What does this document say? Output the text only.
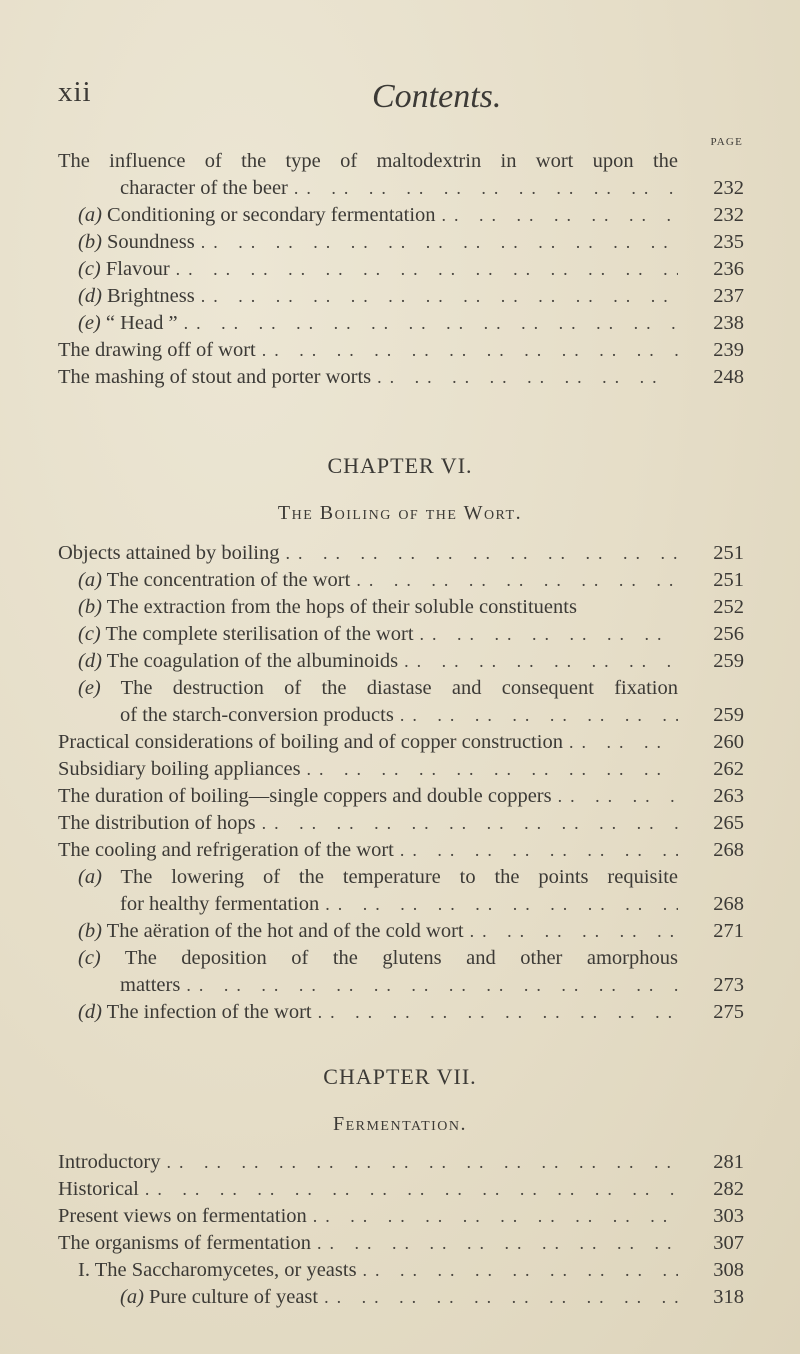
xii	Contents.
PAGE
The influence of the type of maltodextrin in wort upon the
character of the beer .. ..	232
(a) Conditioning or secondary fermentation .. ..	232
(b) Soundness .. ..	235
(c) Flavour .. ..	236
(d) Brightness .. ..	237
(e) “ Head ” .. ..	238
The drawing off of wort .. ..	239
The mashing of stout and porter worts .. ..	248
CHAPTER VI.
The Boiling of the Wort.
Objects attained by boiling .. ..	251
(a) The concentration of the wort .. ..	251
(b) The extraction from the hops of their soluble constituents	252
(c) The complete sterilisation of the wort .. ..	256
(d) The coagulation of the albuminoids .. ..	259
(e) The destruction of the diastase and consequent fixation
of the starch-conversion products .. ..	259
Practical considerations of boiling and of copper construction .. ..	260
Subsidiary boiling appliances .. ..	262
The duration of boiling—single coppers and double coppers .. ..	263
The distribution of hops .. ..	265
The cooling and refrigeration of the wort .. ..	268
(a) The lowering of the temperature to the points requisite
for healthy fermentation .. ..	268
(b) The aëration of the hot and of the cold wort .. ..	271
(c) The deposition of the glutens and other amorphous
matters .. ..	273
(d) The infection of the wort .. ..	275
CHAPTER VII.
Fermentation.
Introductory .. ..	281
Historical .. ..	282
Present views on fermentation .. ..	303
The organisms of fermentation .. ..	307
I. The Saccharomycetes, or yeasts .. ..	308
(a) Pure culture of yeast .. ..	318
